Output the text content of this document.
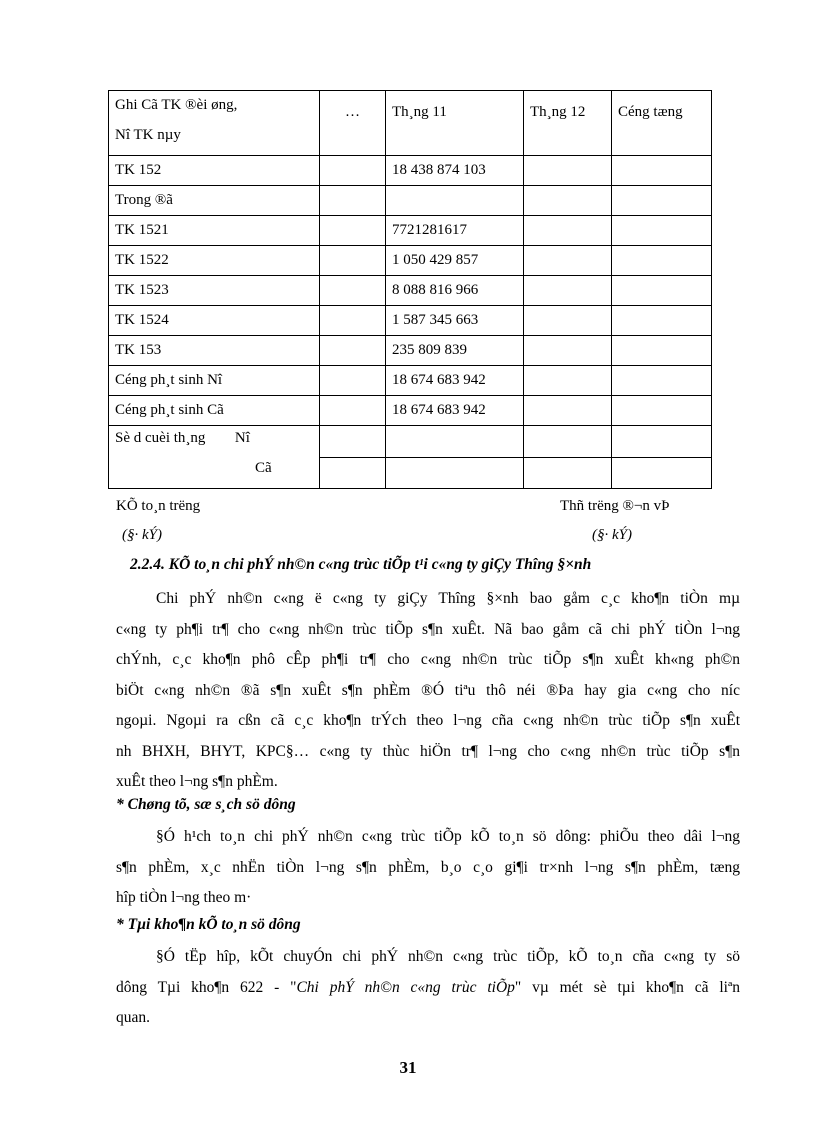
Ghi Cã TK ®èi øng,
Nî TK nµy	…	Th¸ng 11	Th¸ng 12	Céng tæng
TK 152		18 438 874 103		
Trong ®ã				
TK 1521		7721281617		
TK 1522		1 050 429 857		
TK 1523		8 088 816 966		
TK 1524		1 587 345 663		
TK 153		235 809 839		
Céng ph¸t sinh Nî		18 674 683 942		
Céng ph¸t sinh Cã		18 674 683 942		
Sè d cuèi th¸ng Nî
Cã				

KÕ to¸n trëng
(§· kÝ)
Thñ trëng ®¬n vÞ
(§· kÝ)
2.2.4. KÕ to¸n chi phÝ nh©n c«ng trùc tiÕp t¹i c«ng ty giÇy Thîng §×nh
Chi phÝ nh©n c«ng ë c«ng ty giÇy Thîng §×nh bao gåm c¸c kho¶n tiÒn mµ
c«ng ty ph¶i tr¶ cho c«ng nh©n trùc tiÕp s¶n xuÊt. Nã bao gåm cã chi phÝ tiÒn l¬ng
chÝnh, c¸c kho¶n phô cÊp ph¶i tr¶ cho c«ng nh©n trùc tiÕp s¶n xuÊt kh«ng ph©n
biÖt c«ng nh©n ®ã s¶n xuÊt s¶n phÈm ®Ó tiªu thô néi ®Þa hay gia c«ng cho níc
ngoµi. Ngoµi ra cßn cã c¸c kho¶n trÝch theo l¬ng cña c«ng nh©n trùc tiÕp s¶n xuÊt
nh BHXH, BHYT, KPC§… c«ng ty thùc hiÖn tr¶ l¬ng cho c«ng nh©n trùc tiÕp s¶n
xuÊt theo l¬ng s¶n phÈm.
* Chøng tõ, sæ s¸ch sö dông
§Ó h¹ch to¸n chi phÝ nh©n c«ng trùc tiÕp kÕ to¸n sö dông: phiÕu theo dâi l¬ng
s¶n phÈm, x¸c nhËn tiÒn l¬ng s¶n phÈm, b¸o c¸o gi¶i tr×nh l¬ng s¶n phÈm, tæng
hîp tiÒn l¬ng theo m·
* Tµi kho¶n kÕ to¸n sö dông
§Ó tËp hîp, kÕt chuyÓn chi phÝ nh©n c«ng trùc tiÕp, kÕ to¸n cña c«ng ty sö
dông Tµi kho¶n 622 - "Chi phÝ nh©n c«ng trùc tiÕp" vµ mét sè tµi kho¶n cã liªn
quan.
31
